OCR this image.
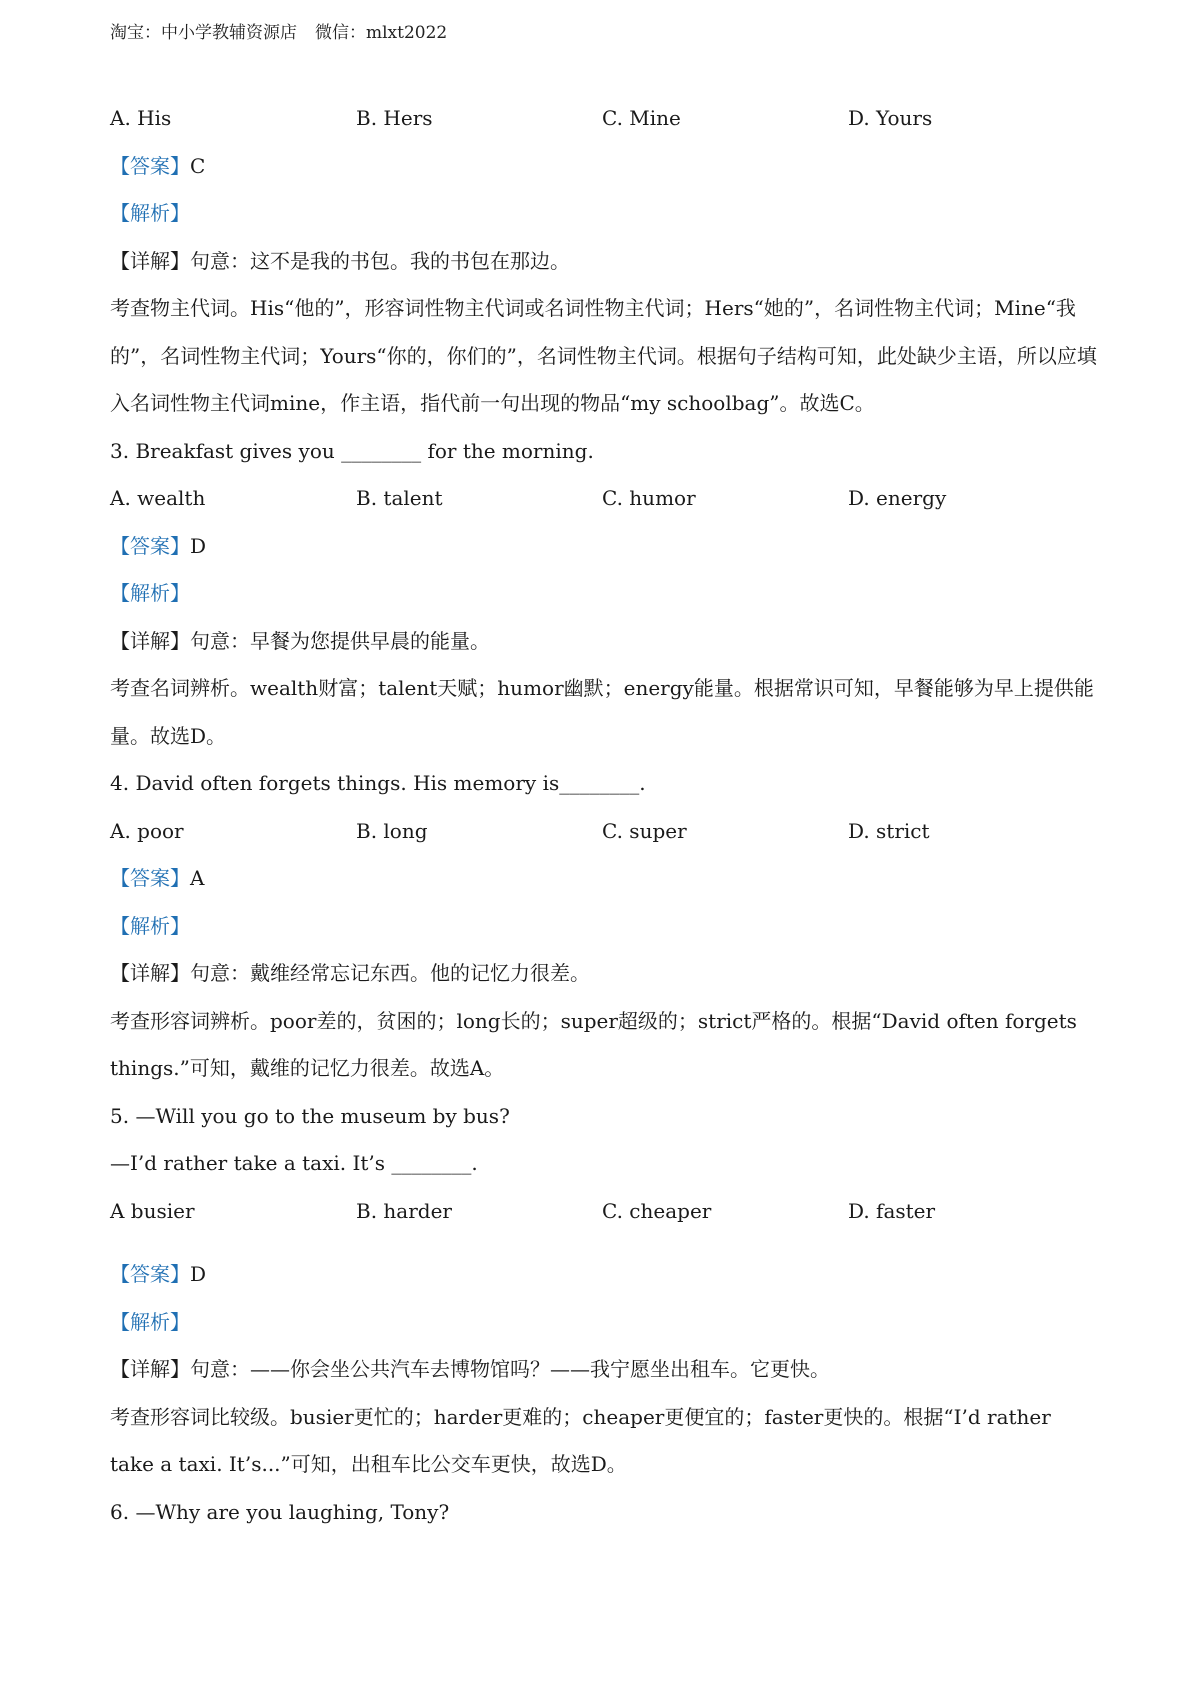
淘宝：中小学教辅资源店 微信：mlxt2022
A. His	B. Hers	C. Mine	D. Yours
【答案】C
【解析】
【详解】句意：这不是我的书包。我的书包在那边。
考查物主代词。His“他的”，形容词性物主代词或名词性物主代词；Hers“她的”，名词性物主代词；Mine“我的”，名词性物主代词；Yours“你的，你们的”，名词性物主代词。根据句子结构可知，此处缺少主语，所以应填入名词性物主代词mine，作主语，指代前一句出现的物品“my schoolbag”。故选C。
3. Breakfast gives you ________ for the morning.
A. wealth	B. talent	C. humor	D. energy
【答案】D
【解析】
【详解】句意：早餐为您提供早晨的能量。
考查名词辨析。wealth财富；talent天赋；humor幽默；energy能量。根据常识可知，早餐能够为早上提供能量。故选D。
4. David often forgets things. His memory is________.
A. poor	B. long	C. super	D. strict
【答案】A
【解析】
【详解】句意：戴维经常忘记东西。他的记忆力很差。
考查形容词辨析。poor差的，贫困的；long长的；super超级的；strict严格的。根据“David often forgets things.”可知，戴维的记忆力很差。故选A。
5. —Will you go to the museum by bus?
—I’d rather take a taxi. It’s ________.
A busier	B. harder	C. cheaper	D. faster
【答案】D
【解析】
【详解】句意：——你会坐公共汽车去博物馆吗？——我宁愿坐出租车。它更快。
考查形容词比较级。busier更忙的；harder更难的；cheaper更便宜的；faster更快的。根据“I’d rather take a taxi. It’s...”可知，出租车比公交车更快，故选D。
6. —Why are you laughing, Tony?
